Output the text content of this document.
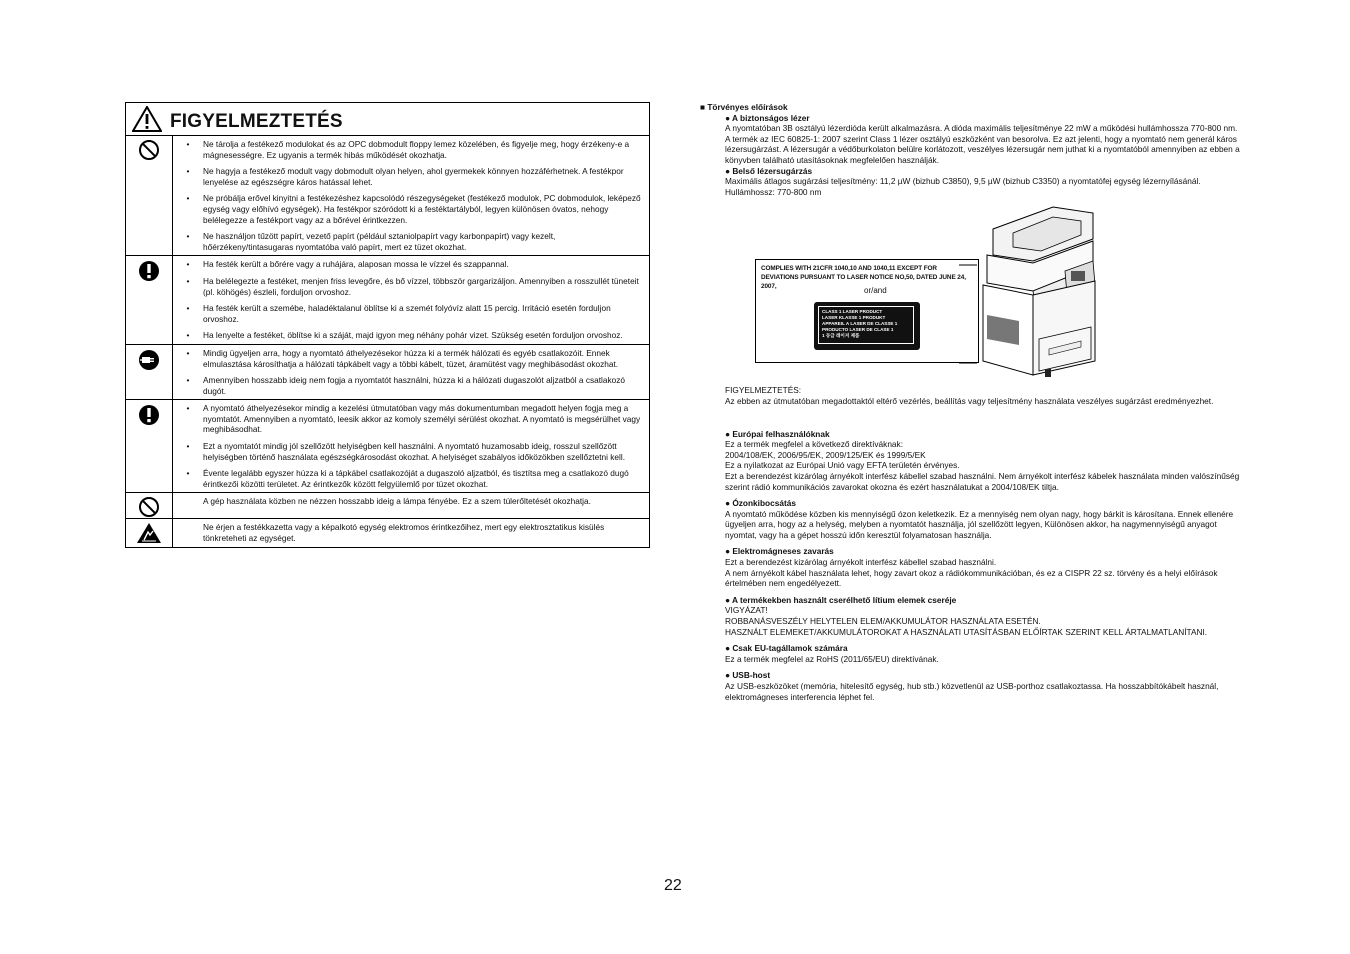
FIGYELMEZTETÉS
•	Ne tárolja a festékező modulokat és az OPC dobmodult floppy lemez közelében, és figyelje meg, hogy érzékeny-e a mágnesességre. Ez ugyanis a termék hibás működését okozhatja.
•	Ne hagyja a festékező modult vagy dobmodult olyan helyen, ahol gyermekek könnyen hozzáférhetnek. A festékpor lenyelése az egészségre káros hatással lehet.
•	Ne próbálja erővel kinyitni a festékezéshez kapcsolódó részegységeket (festékező modulok, PC dobmodulok, leképező egység vagy előhívó egységek). Ha festékpor szóródott ki a festéktartályból, legyen különösen óvatos, nehogy belélegezze a festékport vagy az a bőrével érintkezzen.
•	Ne használjon tűzött papírt, vezető papírt (például sztaniolpapírt vagy karbonpapírt) vagy kezelt, hőérzékeny/tintasugaras nyomtatóba való papírt, mert ez tüzet okozhat.
•	Ha festék került a bőrére vagy a ruhájára, alaposan mossa le vízzel és szappannal.
•	Ha belélegezte a festéket, menjen friss levegőre, és bő vízzel, többször gargarizáljon. Amennyiben a rosszullét tüneteit (pl. köhögés) észleli, forduljon orvoshoz.
•	Ha festék került a szemébe, haladéktalanul öblítse ki a szemét folyóvíz alatt 15 percig. Irritáció esetén forduljon orvoshoz.
•	Ha lenyelte a festéket, öblítse ki a száját, majd igyon meg néhány pohár vizet. Szükség esetén forduljon orvoshoz.
•	Mindig ügyeljen arra, hogy a nyomtató áthelyezésekor húzza ki a termék hálózati és egyéb csatlakozóit. Ennek elmulasztása károsíthatja a hálózati tápkábelt vagy a többi kábelt, tüzet, áramütést vagy meghibásodást okozhat.
•	Amennyiben hosszabb ideig nem fogja a nyomtatót használni, húzza ki a hálózati dugaszolót aljzatból a csatlakozó dugót.
•	A nyomtató áthelyezésekor mindig a kezelési útmutatóban vagy más dokumentumban megadott helyen fogja meg a nyomtatót. Amennyiben a nyomtató, leesik akkor az komoly személyi sérülést okozhat. A nyomtató is megsérülhet vagy meghibásodhat.
•	Ezt a nyomtatót mindig jól szellőzött helyiségben kell használni. A nyomtató huzamosabb ideig, rosszul szellőzött helyiségben történő használata egészségkárosodást okozhat. A helyiséget szabályos időközökben szellőztetni kell.
•	Évente legalább egyszer húzza ki a tápkábel csatlakozóját a dugaszoló aljzatból, és tisztítsa meg a csatlakozó dugó érintkezői közötti területet. Az érintkezők között felgyülemlő por tüzet okozhat.
A gép használata közben ne nézzen hosszabb ideig a lámpa fényébe. Ez a szem túlerőltetését okozhatja.
Ne érjen a festékkazetta vagy a képalkotó egység elektromos érintkezőihez, mert egy elektrosztatikus kisülés tönkreteheti az egységet.
■ Törvényes előírások
● A biztonságos lézer

A nyomtatóban 3B osztályú lézerdióda került alkalmazásra. A dióda maximális teljesítménye 22 mW a működési hullámhossza 770-800 nm.

A termék az IEC 60825-1: 2007 szerint Class 1 lézer osztályú eszközként van besorolva. Ez azt jelenti, hogy a nyomtató nem generál káros lézersugárzást. A lézersugár a védőburkolaton belülre korlátozott, veszélyes lézersugár nem juthat ki a nyomtatóból amennyiben az ebben a könyvben található utasításoknak megfelelően használják.

● Belső lézersugárzás

Maximális átlagos sugárzási teljesítmény: 11,2 µW (bizhub C3850), 9,5 µW (bizhub C3350) a nyomtatófej egység lézernyílásánál.

Hullámhossz: 770-800 nm

COMPLIES WITH 21CFR 1040,10 AND 1040,11 EXCEPT FOR
DEVIATIONS PURSUANT TO LASER NOTICE NO,50, DATED JUNE 24, 2007,	or/and
CLASS 1 LASER PRODUCT
LASER KLASSE 1 PRODUKT
APPAREIL A LASER DE CLASSE 1
PRODUCTO LASER DE CLASE 1
1 등급 레이저 제품

FIGYELMEZTETÉS:

Az ebben az útmutatóban megadottaktól eltérő vezérlés, beállítás vagy teljesítmény használata veszélyes sugárzást eredményezhet.

● Európai felhasználóknak

Ez a termék megfelel a következő direktíváknak:

2004/108/EK, 2006/95/EK, 2009/125/EK és 1999/5/EK

Ez a nyilatkozat az Európai Unió vagy EFTA területén érvényes.

Ezt a berendezést kizárólag árnyékolt interfész kábellel szabad használni. Nem árnyékolt interfész kábelek használata minden valószínűség szerint rádió kommunikációs zavarokat okozna és ezért használatukat a 2004/108/EK tiltja.

● Ózonkibocsátás

A nyomtató működése közben kis mennyiségű ózon keletkezik. Ez a mennyiség nem olyan nagy, hogy bárkit is károsítana. Ennek ellenére ügyeljen arra, hogy az a helység, melyben a nyomtatót használja, jól szellőzött legyen, Különösen akkor, ha nagymennyiségű anyagot nyomtat, vagy ha a gépet hosszú időn keresztül folyamatosan használja.

● Elektromágneses zavarás

Ezt a berendezést kizárólag árnyékolt interfész kábellel szabad használni.

A nem árnyékolt kábel használata lehet, hogy zavart okoz a rádiókommunikációban, és ez a CISPR 22 sz. törvény és a helyi előírások értelmében nem engedélyezett.

● A termékekben használt cserélhető lítium elemek cseréje

VIGYÁZAT!

ROBBANÁSVESZÉLY HELYTELEN ELEM/AKKUMULÁTOR HASZNÁLATA ESETÉN.

HASZNÁLT ELEMEKET/AKKUMULÁTOROKAT A HASZNÁLATI UTASÍTÁSBAN ELŐÍRTAK SZERINT KELL ÁRTALMATLANÍTANI.

● Csak EU-tagállamok számára

Ez a termék megfelel az RoHS (2011/65/EU) direktívának.

● USB-host

Az USB-eszközöket (memória, hitelesítő egység, hub stb.) közvetlenül az USB-porthoz csatlakoztassa. Ha hosszabbítókábelt használ, elektromágneses interferencia léphet fel.

22
